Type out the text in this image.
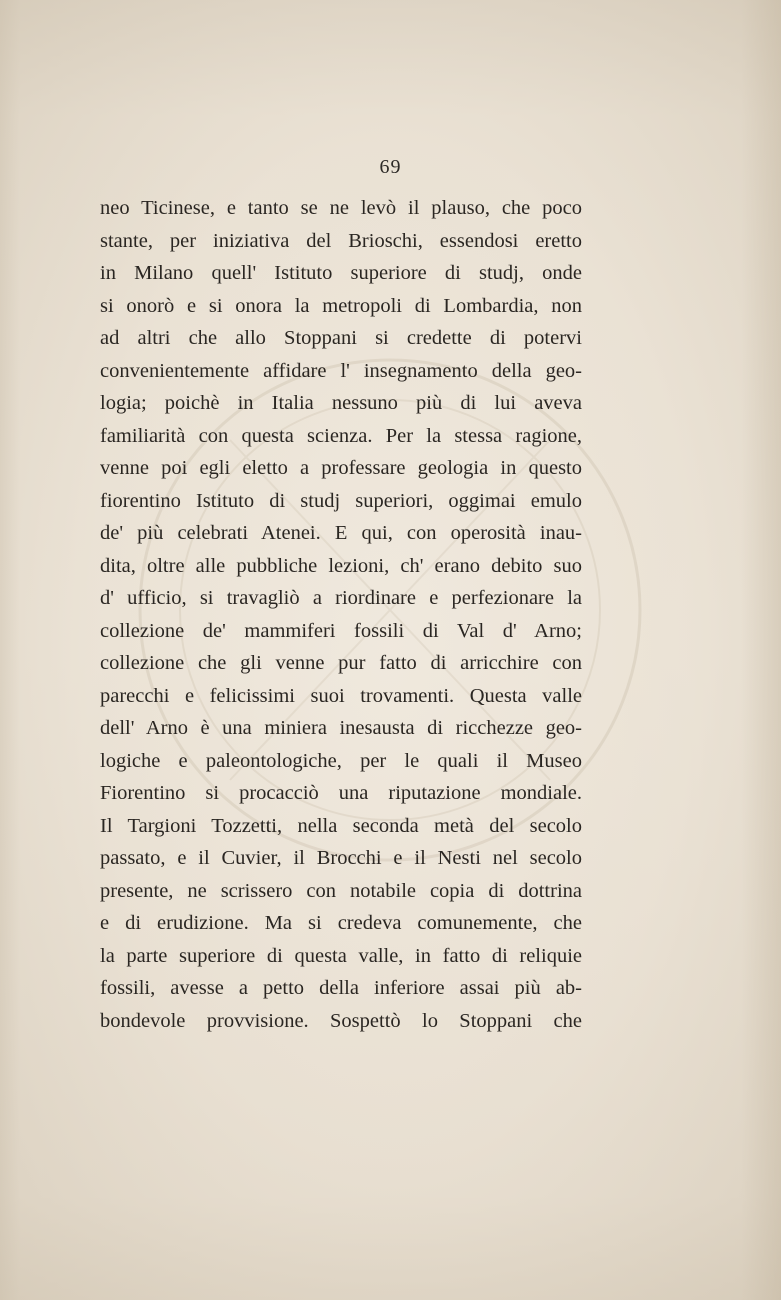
69
neo Ticinese, e tanto se ne levò il plauso, che poco
stante, per iniziativa del Brioschi, essendosi eretto
in Milano quell' Istituto superiore di studj, onde
si onorò e si onora la metropoli di Lombardia, non
ad altri che allo Stoppani si credette di potervi
convenientemente affidare l' insegnamento della geo-
logia; poichè in Italia nessuno più di lui aveva
familiarità con questa scienza. Per la stessa ragione,
venne poi egli eletto a professare geologia in questo
fiorentino Istituto di studj superiori, oggimai emulo
de' più celebrati Atenei. E qui, con operosità inau-
dita, oltre alle pubbliche lezioni, ch' erano debito suo
d' ufficio, si travagliò a riordinare e perfezionare la
collezione de' mammiferi fossili di Val d' Arno;
collezione che gli venne pur fatto di arricchire con
parecchi e felicissimi suoi trovamenti. Questa valle
dell' Arno è una miniera inesausta di ricchezze geo-
logiche e paleontologiche, per le quali il Museo
Fiorentino si procacciò una riputazione mondiale.
Il Targioni Tozzetti, nella seconda metà del secolo
passato, e il Cuvier, il Brocchi e il Nesti nel secolo
presente, ne scrissero con notabile copia di dottrina
e di erudizione. Ma si credeva comunemente, che
la parte superiore di questa valle, in fatto di reliquie
fossili, avesse a petto della inferiore assai più ab-
bondevole provvisione. Sospettò lo Stoppani che
